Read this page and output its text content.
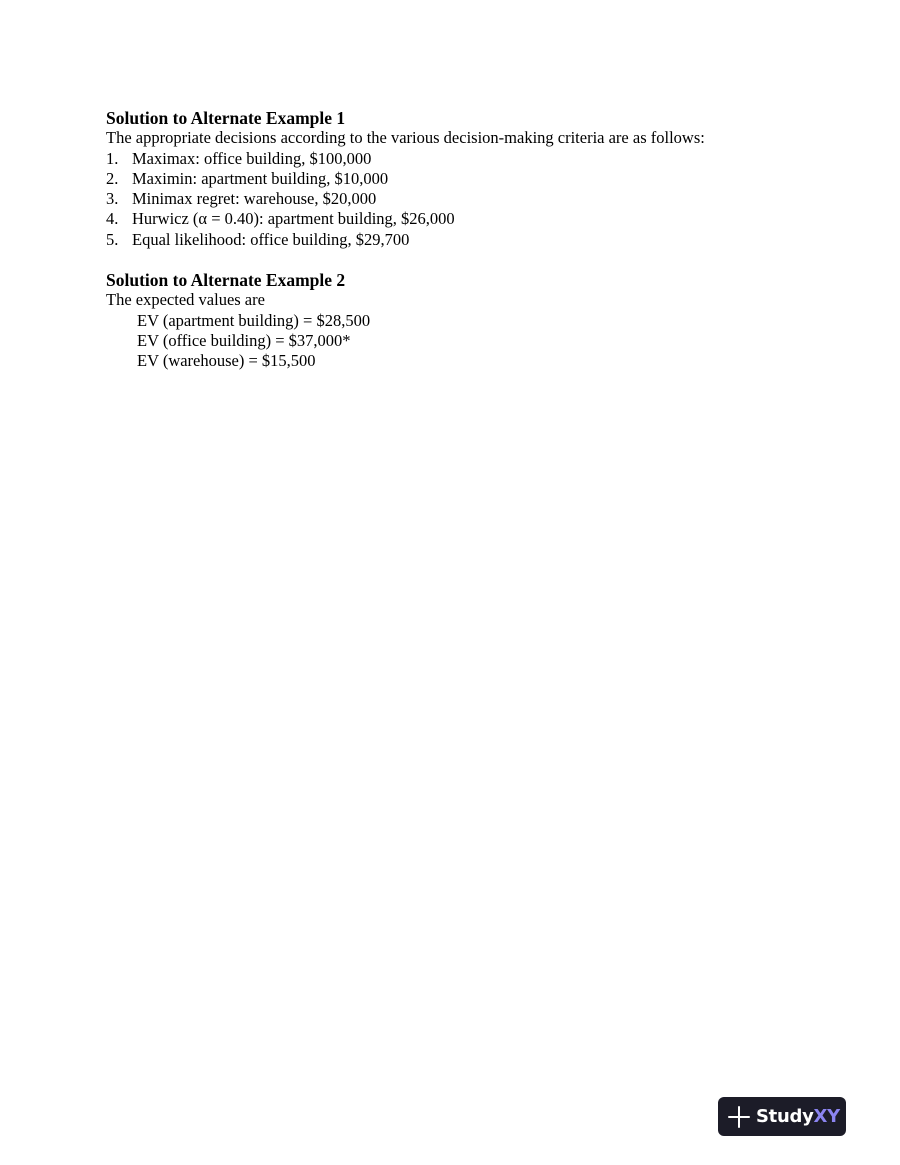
Solution to Alternate Example 1

The appropriate decisions according to the various decision-making criteria are as follows:

1. Maximax: office building, $100,000
2. Maximin: apartment building, $10,000
3. Minimax regret: warehouse, $20,000
4. Hurwicz (α = 0.40): apartment building, $26,000
5. Equal likelihood: office building, $29,700

Solution to Alternate Example 2

The expected values are

EV (apartment building) = $28,500
EV (office building) = $37,000*
EV (warehouse) = $15,500
StudyXY
